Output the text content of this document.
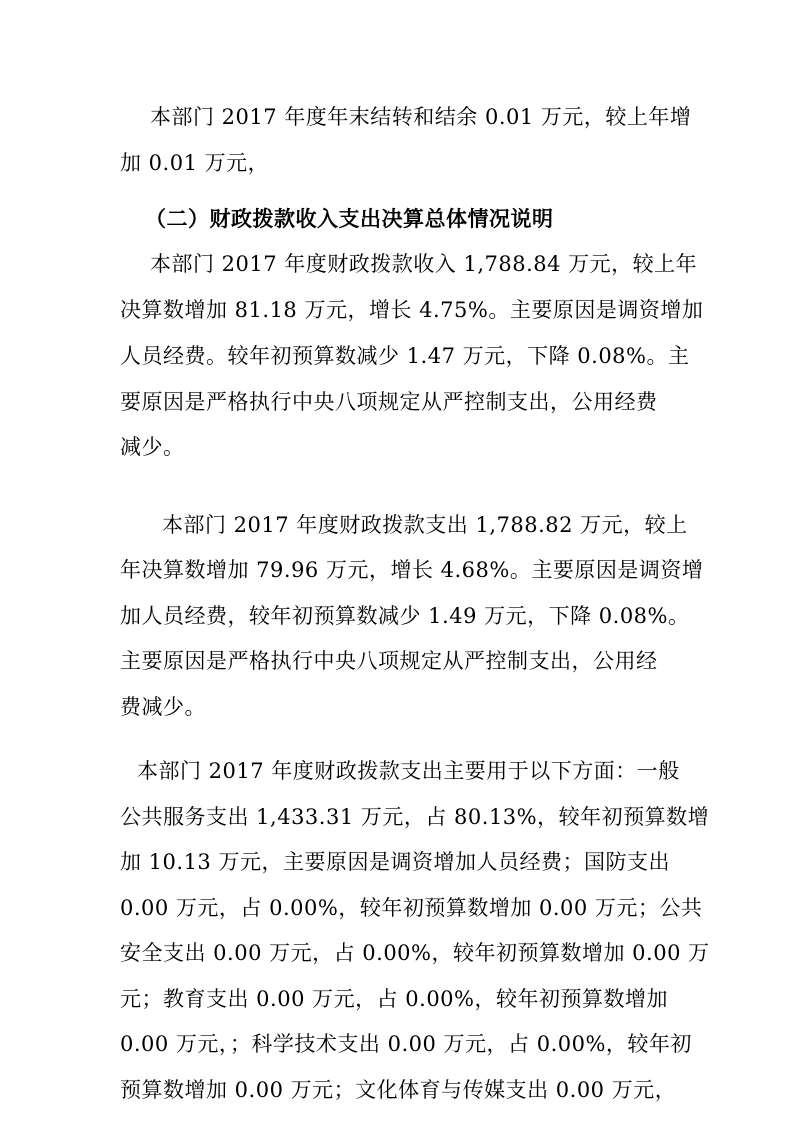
本部门 2017 年度年末结转和结余 0.01 万元，较上年增
加 0.01 万元，
（二）财政拨款收入支出决算总体情况说明
本部门 2017 年度财政拨款收入 1,788.84 万元，较上年
决算数增加 81.18 万元，增长 4.75%。主要原因是调资增加
人员经费。较年初预算数减少 1.47 万元，下降 0.08%。主
要原因是严格执行中央八项规定从严控制支出，公用经费
减少。
本部门 2017 年度财政拨款支出 1,788.82 万元，较上
年决算数增加 79.96 万元，增长 4.68%。主要原因是调资增
加人员经费，较年初预算数减少 1.49 万元，下降 0.08%。
主要原因是严格执行中央八项规定从严控制支出，公用经
费减少。
本部门 2017 年度财政拨款支出主要用于以下方面：一般
公共服务支出 1,433.31 万元，占 80.13%，较年初预算数增
加 10.13 万元，主要原因是调资增加人员经费；国防支出
0.00 万元，占 0.00%，较年初预算数增加 0.00 万元；公共
安全支出 0.00 万元，占 0.00%，较年初预算数增加 0.00 万
元；教育支出 0.00 万元，占 0.00%，较年初预算数增加
0.00 万元，；科学技术支出 0.00 万元，占 0.00%，较年初
预算数增加 0.00 万元；文化体育与传媒支出 0.00 万元，
